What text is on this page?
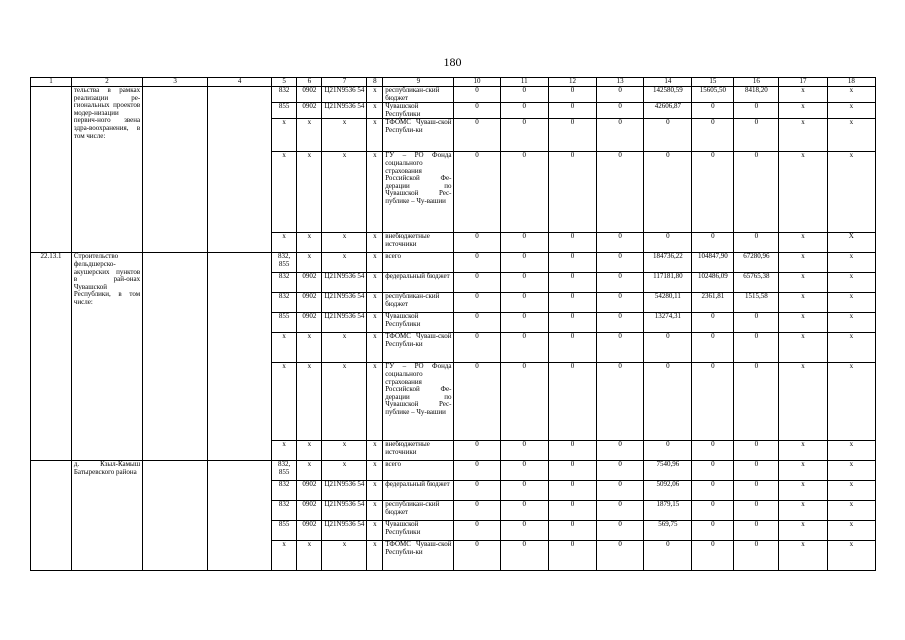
180
1	2	3	4	5	6	7	8	9	10	11	12	13	14	15	16	17	18
	тельства в рамках реализации ре-гиональных проектов модер-низации первич-ного звена здра-воохранения, в том числе:			832	0902	Ц21N9536 54	х	республикан-ский бюджет	0	0	0	0	142580,59	15605,50	8418,20	х	х
				855	0902	Ц21N9536 54	х	Чувашской Республики	0	0	0	0	42606,87	0	0	х	х
				х	х	х	х	ТФОМС Чуваш-ской Республи-ки	0	0	0	0	0	0	0	х	х
				х	х	х	х	ГУ – РО Фонда социального страхования Российской Фе-дерации по Чувашской Рес-публике – Чу-вашии	0	0	0	0	0	0	0	х	х
				х	х	х	х	внебюджетные источники	0	0	0	0	0	0	0	х	Х
22.13.1	Строительство фельдшерско-акушерских пунктов в рай-онах Чувашской Республики, в том числе:			832, 855	х	х	х	всего	0	0	0	0	184736,22	104847,90	67280,96	х	х
				832	0902	Ц21N9536 54	х	федеральный бюджет	0	0	0	0	117181,80	102486,09	65765,38	х	х
				832	0902	Ц21N9536 54	х	республикан-ский бюджет	0	0	0	0	54280,11	2361,81	1515,58	х	х
				855	0902	Ц21N9536 54	х	Чувашской Республики	0	0	0	0	13274,31	0	0	х	х
				х	х	х	х	ТФОМС Чуваш-ской Республи-ки	0	0	0	0	0	0	0	х	х
				х	х	х	х	ГУ – РО Фонда социального страхования Российской Фе-дерации по Чувашской Рес-публике – Чу-вашии	0	0	0	0	0	0	0	х	х
				х	х	х	х	внебюджетные источники	0	0	0	0	0	0	0	х	х
	д. Кзыл-Камыш Батыревского района			832, 855	х	х	х	всего	0	0	0	0	7540,96	0	0	х	х
				832	0902	Ц21N9536 54	х	федеральный бюджет	0	0	0	0	5092,06	0	0	х	х
				832	0902	Ц21N9536 54	х	республикан-ский бюджет	0	0	0	0	1879,15	0	0	х	х
				855	0902	Ц21N9536 54	х	Чувашской Республики	0	0	0	0	569,75	0	0	х	х
				х	х	х	х	ТФОМС Чуваш-ской Республи-ки	0	0	0	0	0	0	0	х	х
